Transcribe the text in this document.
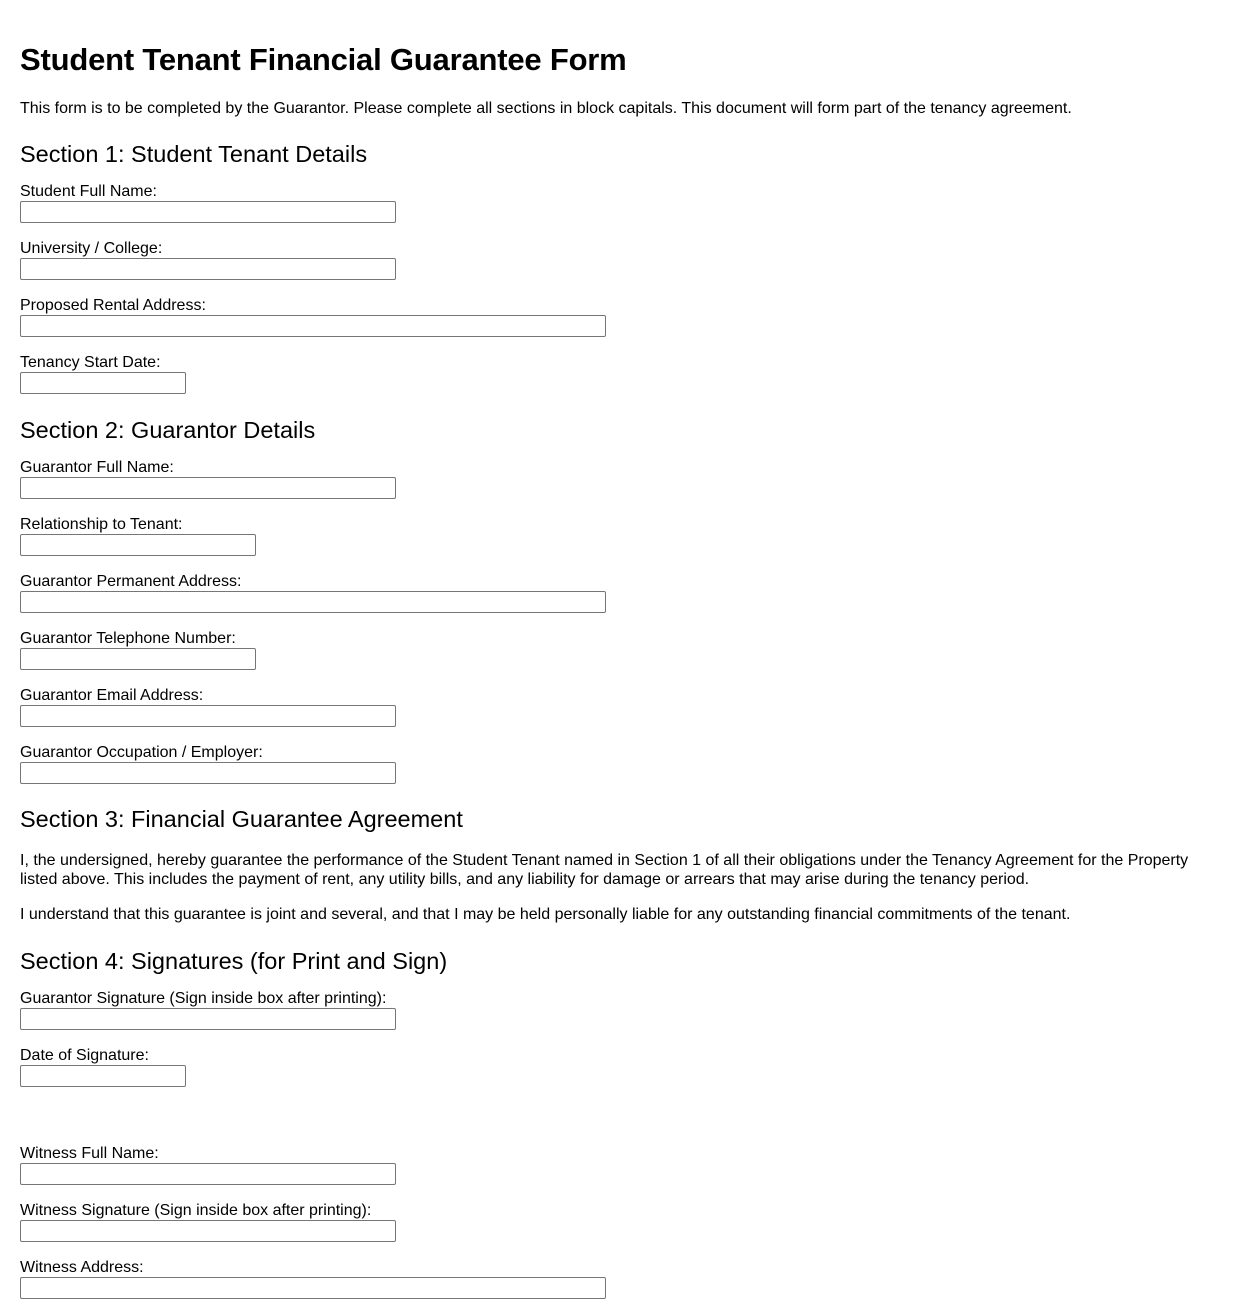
Student Tenant Financial Guarantee Form

This form is to be completed by the Guarantor. Please complete all sections in block capitals. This document will form part of the tenancy agreement.

Section 1: Student Tenant Details
Student Full Name:
University / College:
Proposed Rental Address:
Tenancy Start Date:
Section 2: Guarantor Details
Guarantor Full Name:
Relationship to Tenant:
Guarantor Permanent Address:
Guarantor Telephone Number:
Guarantor Email Address:
Guarantor Occupation / Employer:
Section 3: Financial Guarantee Agreement

I, the undersigned, hereby guarantee the performance of the Student Tenant named in Section 1 of all their obligations under the Tenancy Agreement for the Property listed above. This includes the payment of rent, any utility bills, and any liability for damage or arrears that may arise during the tenancy period.

I understand that this guarantee is joint and several, and that I may be held personally liable for any outstanding financial commitments of the tenant.

Section 4: Signatures (for Print and Sign)
Guarantor Signature (Sign inside box after printing):
Date of Signature:
Witness Full Name:
Witness Signature (Sign inside box after printing):
Witness Address:
